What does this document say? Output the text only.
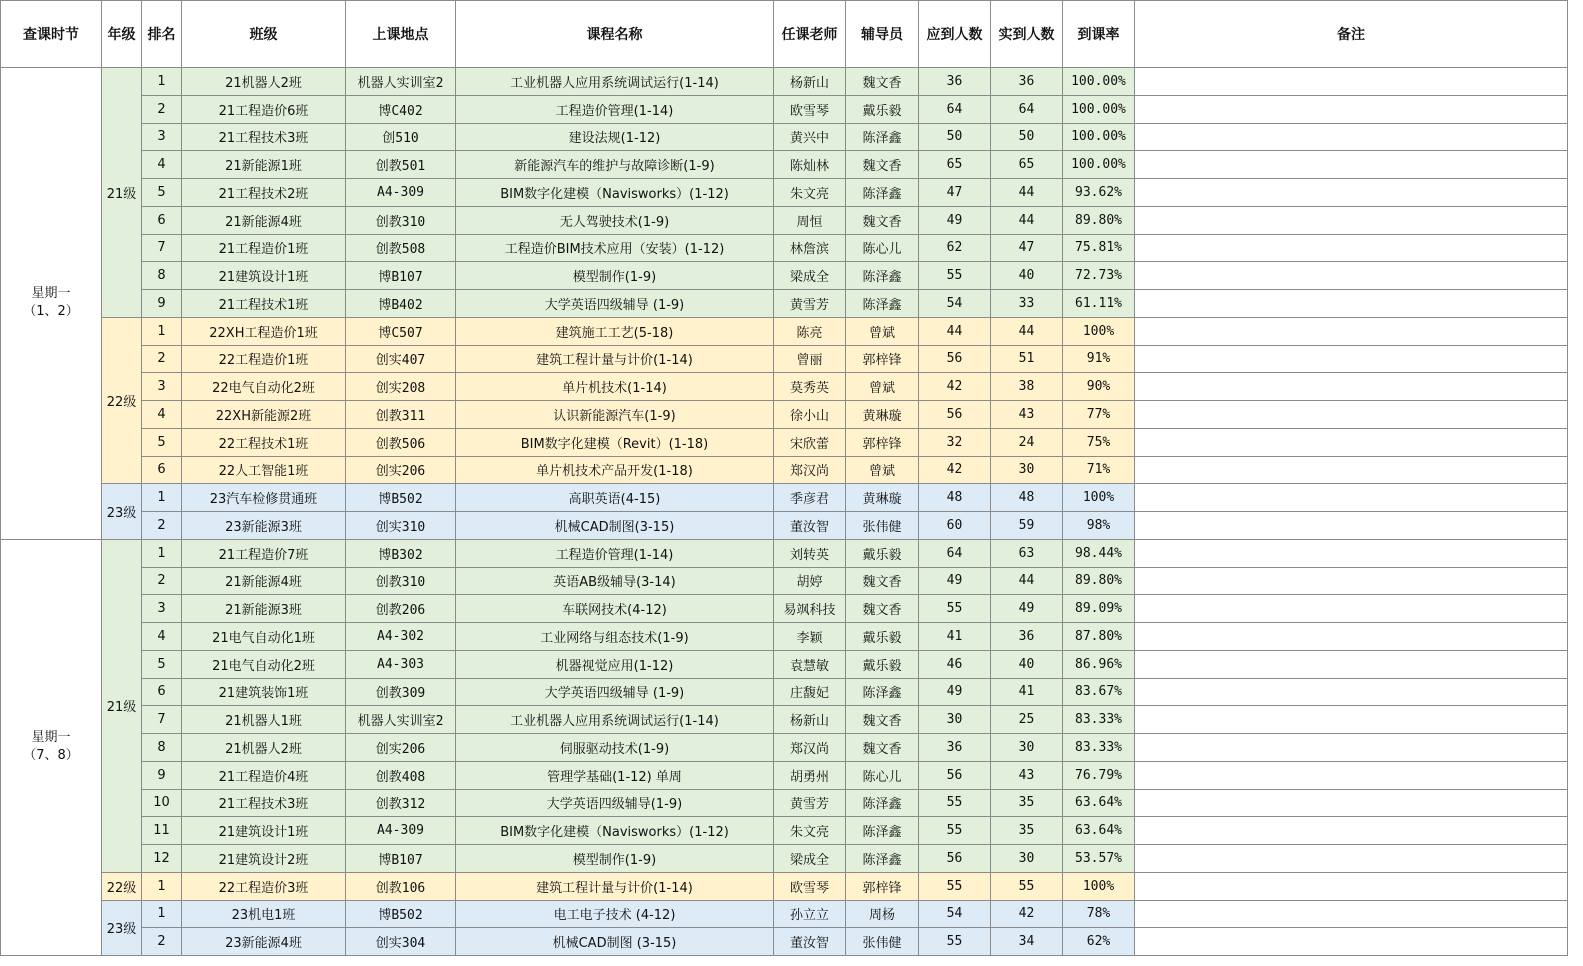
查课时节	年级	排名	班级	上课地点	课程名称	任课老师	辅导员	应到人数	实到人数	到课率	备注

星期一
（1、2）	21级	1	21机器人2班	机器人实训室2	工业机器人应用系统调试运行(1-14)	杨新山	魏文香	36	36	100.00%	
		2	21工程造价6班	博C402	工程造价管理(1-14)	欧雪琴	戴乐毅	64	64	100.00%	
		3	21工程技术3班	创510	建设法规(1-12)	黄兴中	陈泽鑫	50	50	100.00%	
		4	21新能源1班	创教501	新能源汽车的维护与故障诊断(1-9)	陈灿林	魏文香	65	65	100.00%	
		5	21工程技术2班	A4-309	BIM数字化建模（Navisworks）(1-12)	朱文亮	陈泽鑫	47	44	93.62%	
		6	21新能源4班	创教310	无人驾驶技术(1-9)	周恒	魏文香	49	44	89.80%	
		7	21工程造价1班	创教508	工程造价BIM技术应用（安装）(1-12)	林詹滨	陈心儿	62	47	75.81%	
		8	21建筑设计1班	博B107	模型制作(1-9)	梁成全	陈泽鑫	55	40	72.73%	
		9	21工程技术1班	博B402	大学英语四级辅导 (1-9)	黄雪芳	陈泽鑫	54	33	61.11%	
	22级	1	22XH工程造价1班	博C507	建筑施工工艺(5-18)	陈亮	曾斌	44	44	100%	
		2	22工程造价1班	创实407	建筑工程计量与计价(1-14)	曾丽	郭梓锋	56	51	91%	
		3	22电气自动化2班	创实208	单片机技术(1-14)	莫秀英	曾斌	42	38	90%	
		4	22XH新能源2班	创教311	认识新能源汽车(1-9)	徐小山	黄琳璇	56	43	77%	
		5	22工程技术1班	创教506	BIM数字化建模（Revit）(1-18)	宋欣蕾	郭梓锋	32	24	75%	
		6	22人工智能1班	创实206	单片机技术产品开发(1-18)	郑汉尚	曾斌	42	30	71%	
	23级	1	23汽车检修贯通班	博B502	高职英语(4-15)	季彦君	黄琳璇	48	48	100%	
		2	23新能源3班	创实310	机械CAD制图(3-15)	董汝智	张伟健	60	59	98%	

星期一
（7、8）	21级	1	21工程造价7班	博B302	工程造价管理(1-14)	刘转英	戴乐毅	64	63	98.44%	
		2	21新能源4班	创教310	英语AB级辅导(3-14)	胡婷	魏文香	49	44	89.80%	
		3	21新能源3班	创教206	车联网技术(4-12)	易飒科技	魏文香	55	49	89.09%	
		4	21电气自动化1班	A4-302	工业网络与组态技术(1-9)	李颖	戴乐毅	41	36	87.80%	
		5	21电气自动化2班	A4-303	机器视觉应用(1-12)	袁慧敏	戴乐毅	46	40	86.96%	
		6	21建筑装饰1班	创教309	大学英语四级辅导 (1-9)	庄馥妃	陈泽鑫	49	41	83.67%	
		7	21机器人1班	机器人实训室2	工业机器人应用系统调试运行(1-14)	杨新山	魏文香	30	25	83.33%	
		8	21机器人2班	创实206	伺服驱动技术(1-9)	郑汉尚	魏文香	36	30	83.33%	
		9	21工程造价4班	创教408	管理学基础(1-12) 单周	胡勇州	陈心儿	56	43	76.79%	
		10	21工程技术3班	创教312	大学英语四级辅导(1-9)	黄雪芳	陈泽鑫	55	35	63.64%	
		11	21建筑设计1班	A4-309	BIM数字化建模（Navisworks）(1-12)	朱文亮	陈泽鑫	55	35	63.64%	
		12	21建筑设计2班	博B107	模型制作(1-9)	梁成全	陈泽鑫	56	30	53.57%	
	22级	1	22工程造价3班	创教106	建筑工程计量与计价(1-14)	欧雪琴	郭梓锋	55	55	100%	
	23级	1	23机电1班	博B502	电工电子技术 (4-12)	孙立立	周杨	54	42	78%	
		2	23新能源4班	创实304	机械CAD制图 (3-15)	董汝智	张伟健	55	34	62%	
